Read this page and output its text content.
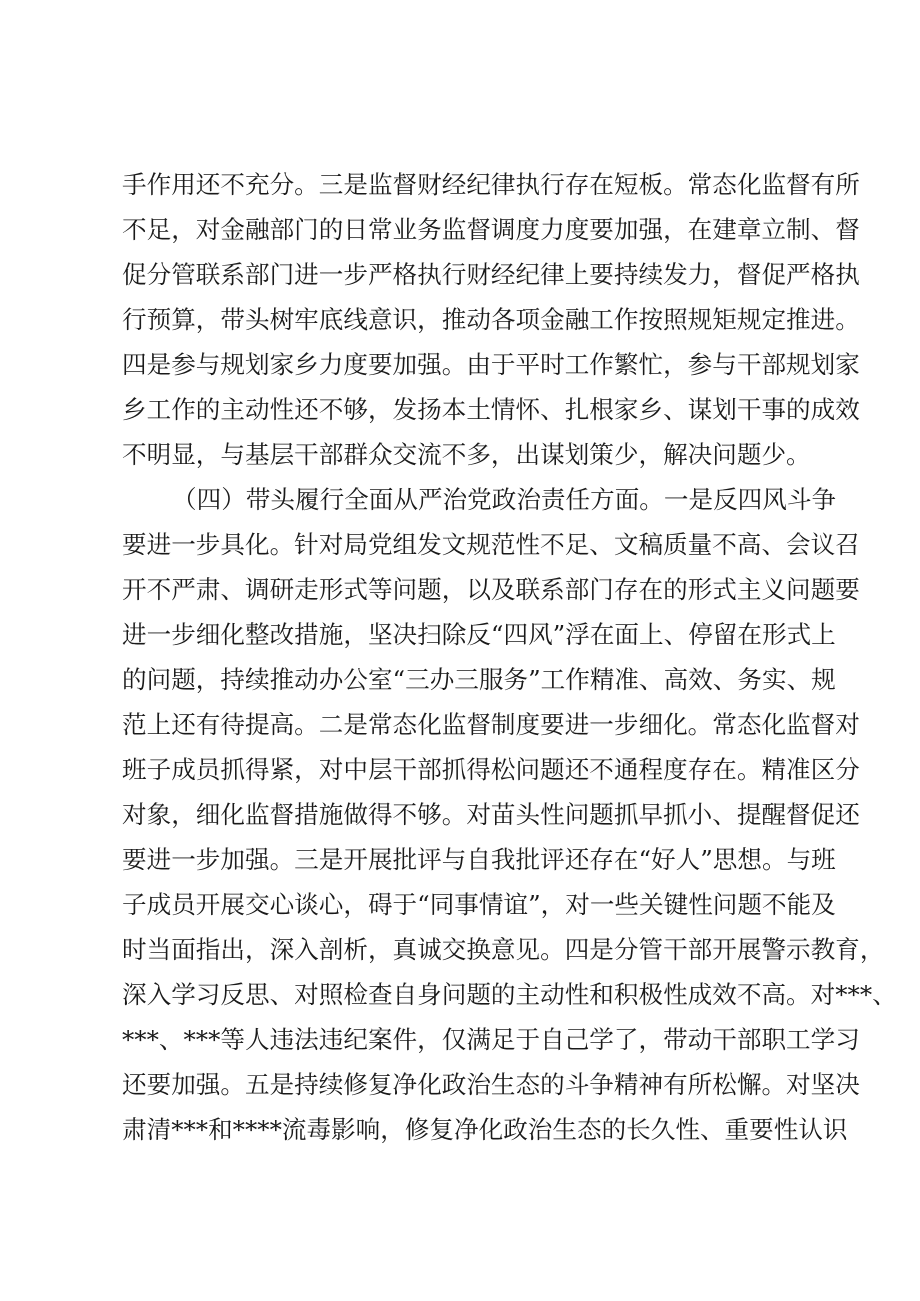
手作用还不充分。三是监督财经纪律执行存在短板。常态化监督有所
不足，对金融部门的日常业务监督调度力度要加强，在建章立制、督
促分管联系部门进一步严格执行财经纪律上要持续发力，督促严格执
行预算，带头树牢底线意识，推动各项金融工作按照规矩规定推进。
四是参与规划家乡力度要加强。由于平时工作繁忙，参与干部规划家
乡工作的主动性还不够，发扬本土情怀、扎根家乡、谋划干事的成效
不明显，与基层干部群众交流不多，出谋划策少，解决问题少。
（四）带头履行全面从严治党政治责任方面。一是反四风斗争
要进一步具化。针对局党组发文规范性不足、文稿质量不高、会议召
开不严肃、调研走形式等问题，以及联系部门存在的形式主义问题要
进一步细化整改措施，坚决扫除反“四风”浮在面上、停留在形式上
的问题，持续推动办公室“三办三服务”工作精准、高效、务实、规
范上还有待提高。二是常态化监督制度要进一步细化。常态化监督对
班子成员抓得紧，对中层干部抓得松问题还不通程度存在。精准区分
对象，细化监督措施做得不够。对苗头性问题抓早抓小、提醒督促还
要进一步加强。三是开展批评与自我批评还存在“好人”思想。与班
子成员开展交心谈心，碍于“同事情谊”，对一些关键性问题不能及
时当面指出，深入剖析，真诚交换意见。四是分管干部开展警示教育，
深入学习反思、对照检查自身问题的主动性和积极性成效不高。对***、
***、***等人违法违纪案件，仅满足于自己学了，带动干部职工学习
还要加强。五是持续修复净化政治生态的斗争精神有所松懈。对坚决
肃清***和****流毒影响，修复净化政治生态的长久性、重要性认识
